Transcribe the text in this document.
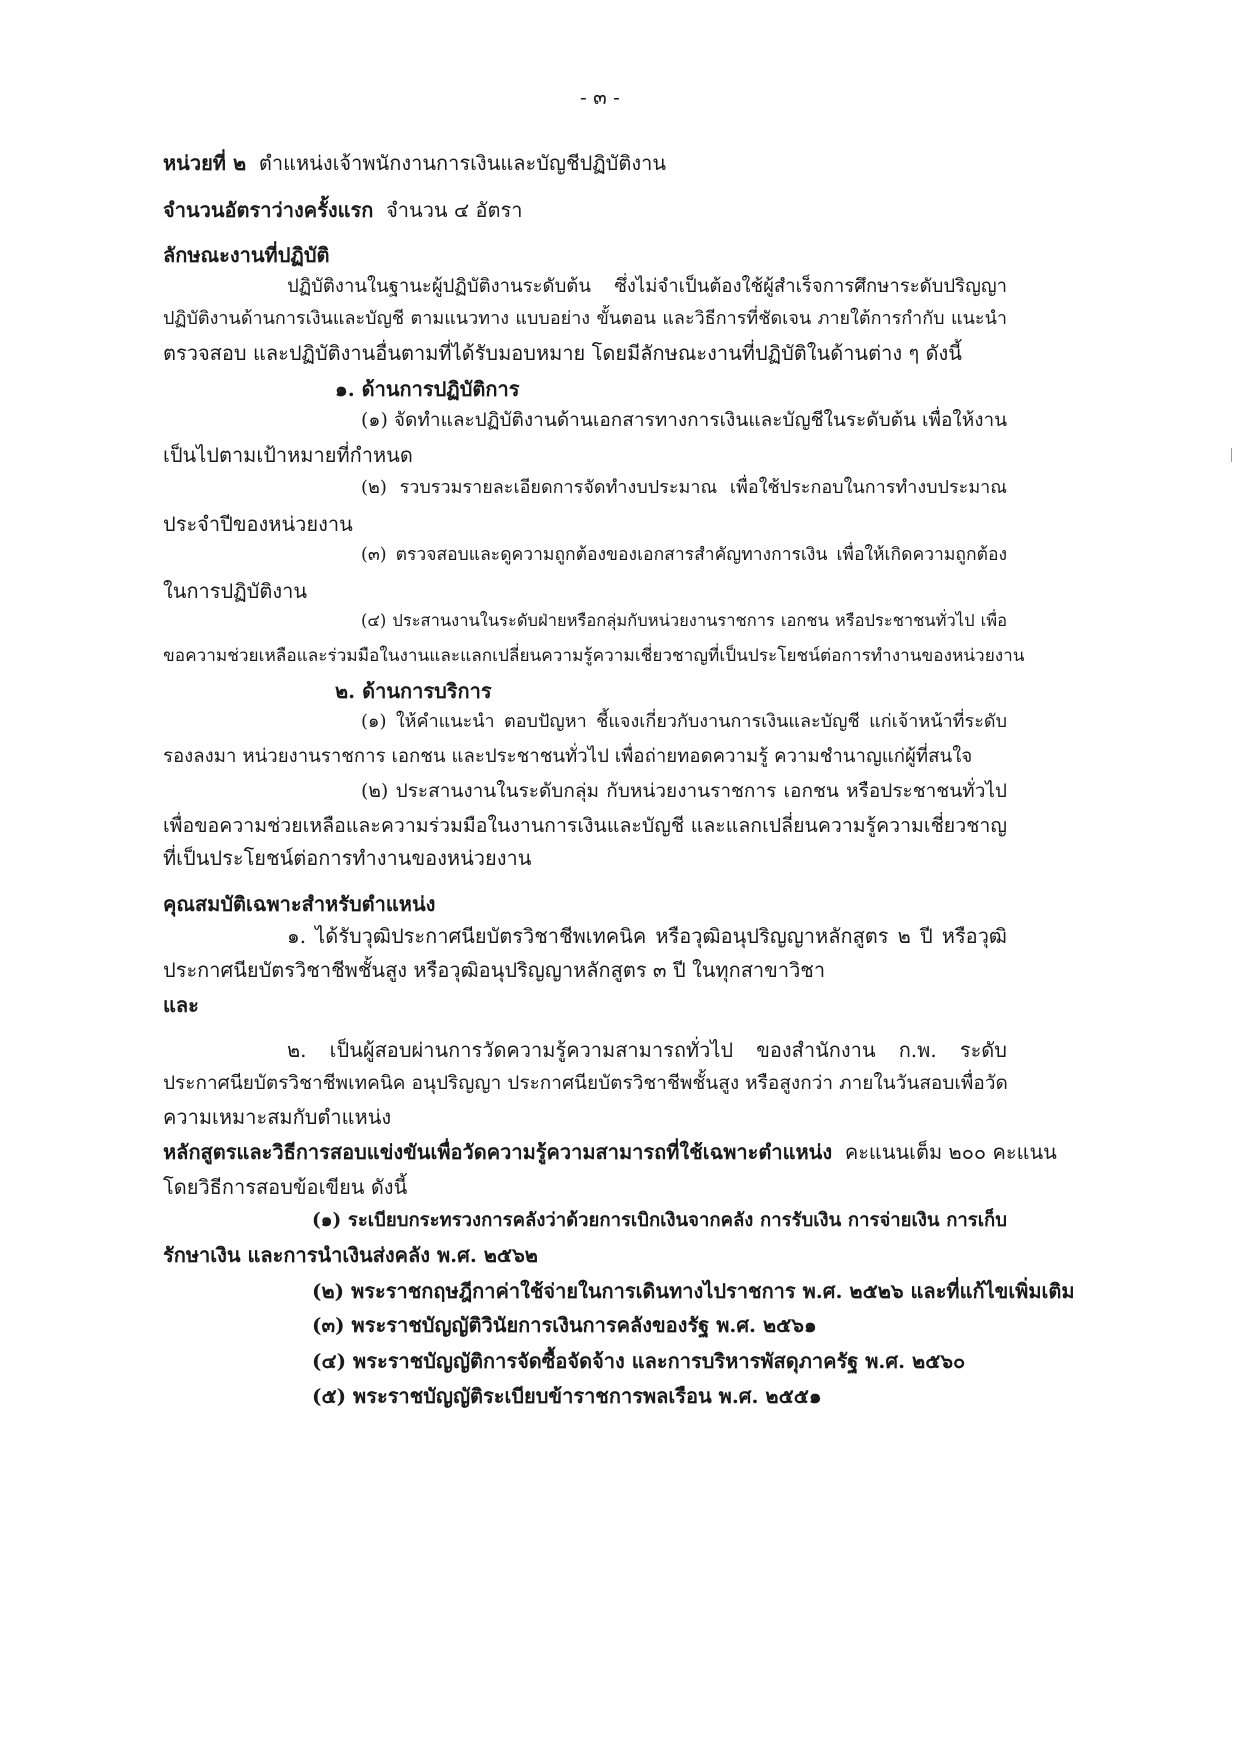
- ๓ -
หน่วยที่ ๒ ตำแหน่งเจ้าพนักงานการเงินและบัญชีปฏิบัติงาน
จำนวนอัตราว่างครั้งแรก จำนวน ๔ อัตรา
ลักษณะงานที่ปฏิบัติ
ปฏิบัติงานในฐานะผู้ปฏิบัติงานระดับต้น ซึ่งไม่จำเป็นต้องใช้ผู้สำเร็จการศึกษาระดับปริญญา
ปฏิบัติงานด้านการเงินและบัญชี ตามแนวทาง แบบอย่าง ขั้นตอน และวิธีการที่ชัดเจน ภายใต้การกำกับ แนะนำ
ตรวจสอบ และปฏิบัติงานอื่นตามที่ได้รับมอบหมาย โดยมีลักษณะงานที่ปฏิบัติในด้านต่าง ๆ ดังนี้
๑. ด้านการปฏิบัติการ
(๑) จัดทำและปฏิบัติงานด้านเอกสารทางการเงินและบัญชีในระดับต้น เพื่อให้งาน
เป็นไปตามเป้าหมายที่กำหนด
(๒) รวบรวมรายละเอียดการจัดทำงบประมาณ เพื่อใช้ประกอบในการทำงบประมาณ
ประจำปีของหน่วยงาน
(๓) ตรวจสอบและดูความถูกต้องของเอกสารสำคัญทางการเงิน เพื่อให้เกิดความถูกต้อง
ในการปฏิบัติงาน
(๔) ประสานงานในระดับฝ่ายหรือกลุ่มกับหน่วยงานราชการ เอกชน หรือประชาชนทั่วไป เพื่อ
ขอความช่วยเหลือและร่วมมือในงานและแลกเปลี่ยนความรู้ความเชี่ยวชาญที่เป็นประโยชน์ต่อการทำงานของหน่วยงาน
๒. ด้านการบริการ
(๑) ให้คำแนะนำ ตอบปัญหา ชี้แจงเกี่ยวกับงานการเงินและบัญชี แก่เจ้าหน้าที่ระดับ
รองลงมา หน่วยงานราชการ เอกชน และประชาชนทั่วไป เพื่อถ่ายทอดความรู้ ความชำนาญแก่ผู้ที่สนใจ
(๒) ประสานงานในระดับกลุ่ม กับหน่วยงานราชการ เอกชน หรือประชาชนทั่วไป
เพื่อขอความช่วยเหลือและความร่วมมือในงานการเงินและบัญชี และแลกเปลี่ยนความรู้ความเชี่ยวชาญ
ที่เป็นประโยชน์ต่อการทำงานของหน่วยงาน
คุณสมบัติเฉพาะสำหรับตำแหน่ง
๑. ได้รับวุฒิประกาศนียบัตรวิชาชีพเทคนิค หรือวุฒิอนุปริญญาหลักสูตร ๒ ปี หรือวุฒิ
ประกาศนียบัตรวิชาชีพชั้นสูง หรือวุฒิอนุปริญญาหลักสูตร ๓ ปี ในทุกสาขาวิชา
และ
๒. เป็นผู้สอบผ่านการวัดความรู้ความสามารถทั่วไป ของสำนักงาน ก.พ. ระดับ
ประกาศนียบัตรวิชาชีพเทคนิค อนุปริญญา ประกาศนียบัตรวิชาชีพชั้นสูง หรือสูงกว่า ภายในวันสอบเพื่อวัด
ความเหมาะสมกับตำแหน่ง
หลักสูตรและวิธีการสอบแข่งขันเพื่อวัดความรู้ความสามารถที่ใช้เฉพาะตำแหน่ง คะแนนเต็ม ๒๐๐ คะแนน
โดยวิธีการสอบข้อเขียน ดังนี้
(๑) ระเบียบกระทรวงการคลังว่าด้วยการเบิกเงินจากคลัง การรับเงิน การจ่ายเงิน การเก็บ
รักษาเงิน และการนำเงินส่งคลัง พ.ศ. ๒๕๖๒
(๒) พระราชกฤษฎีกาค่าใช้จ่ายในการเดินทางไปราชการ พ.ศ. ๒๕๒๖ และที่แก้ไขเพิ่มเติม
(๓) พระราชบัญญัติวินัยการเงินการคลังของรัฐ พ.ศ. ๒๕๖๑
(๔) พระราชบัญญัติการจัดซื้อจัดจ้าง และการบริหารพัสดุภาครัฐ พ.ศ. ๒๕๖๐
(๕) พระราชบัญญัติระเบียบข้าราชการพลเรือน พ.ศ. ๒๕๕๑
